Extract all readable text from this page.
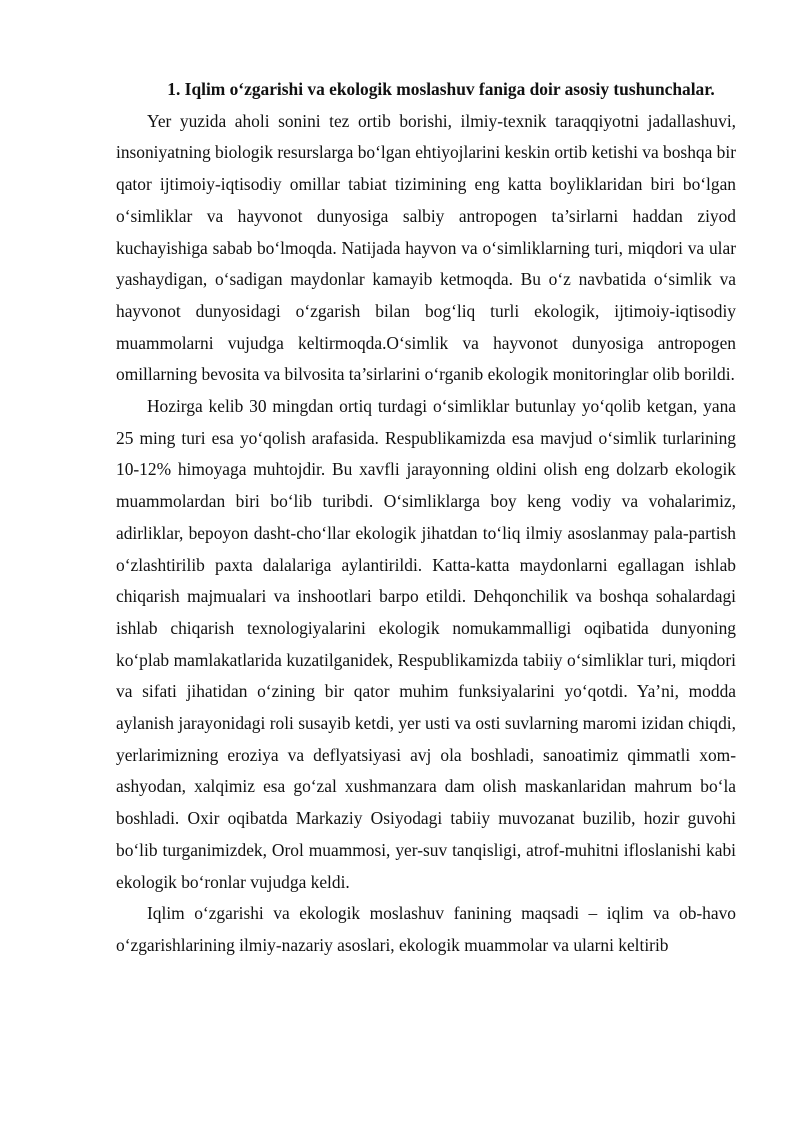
1. Iqlim o‘zgarishi va ekologik moslashuv faniga doir asosiy tushunchalar.

Yer yuzida aholi sonini tez ortib borishi, ilmiy-texnik taraqqiyotni jadallashuvi, insoniyatning biologik resurslarga bo‘lgan ehtiyojlarini keskin ortib ketishi va boshqa bir qator ijtimoiy-iqtisodiy omillar tabiat tizimining eng katta boyliklaridan biri bo‘lgan o‘simliklar va hayvonot dunyosiga salbiy antropogen ta’sirlarni haddan ziyod kuchayishiga sabab bo‘lmoqda. Natijada hayvon va o‘simliklarning turi, miqdori va ular yashaydigan, o‘sadigan maydonlar kamayib ketmoqda. Bu o‘z navbatida o‘simlik va hayvonot dunyosidagi o‘zgarish bilan bog‘liq turli ekologik, ijtimoiy-iqtisodiy muammolarni vujudga keltirmoqda.O‘simlik va hayvonot dunyosiga antropogen omillarning bevosita va bilvosita ta’sirlarini o‘rganib ekologik monitoringlar olib borildi.

Hozirga kelib 30 mingdan ortiq turdagi o‘simliklar butunlay yo‘qolib ketgan, yana 25 ming turi esa yo‘qolish arafasida. Respublikamizda esa mavjud o‘simlik turlarining 10-12% himoyaga muhtojdir. Bu xavfli jarayonning oldini olish eng dolzarb ekologik muammolardan biri bo‘lib turibdi. O‘simliklarga boy keng vodiy va vohalarimiz, adirliklar, bepoyon dasht-cho‘llar ekologik jihatdan to‘liq ilmiy asoslanmay pala-partish o‘zlashtirilib paxta dalalariga aylantirildi. Katta-katta maydonlarni egallagan ishlab chiqarish majmualari va inshootlari barpo etildi. Dehqonchilik va boshqa sohalardagi ishlab chiqarish texnologiyalarini ekologik nomukammalligi oqibatida dunyoning ko‘plab mamlakatlarida kuzatilganidek, Respublikamizda tabiiy o‘simliklar turi, miqdori va sifati jihatidan o‘zining bir qator muhim funksiyalarini yo‘qotdi. Ya’ni, modda aylanish jarayonidagi roli susayib ketdi, yer usti va osti suvlarning maromi izidan chiqdi, yerlarimizning eroziya va deflyatsiyasi avj ola boshladi, sanoatimiz qimmatli xom-ashyodan, xalqimiz esa go‘zal xushmanzara dam olish maskanlaridan mahrum bo‘la boshladi. Oxir oqibatda Markaziy Osiyodagi tabiiy muvozanat buzilib, hozir guvohi bo‘lib turganimizdek, Orol muammosi, yer-suv tanqisligi, atrof-muhitni ifloslanishi kabi ekologik bo‘ronlar vujudga keldi.

Iqlim o‘zgarishi va ekologik moslashuv fanining maqsadi – iqlim va ob-havo o‘zgarishlarining ilmiy-nazariy asoslari, ekologik muammolar va ularni keltirib
